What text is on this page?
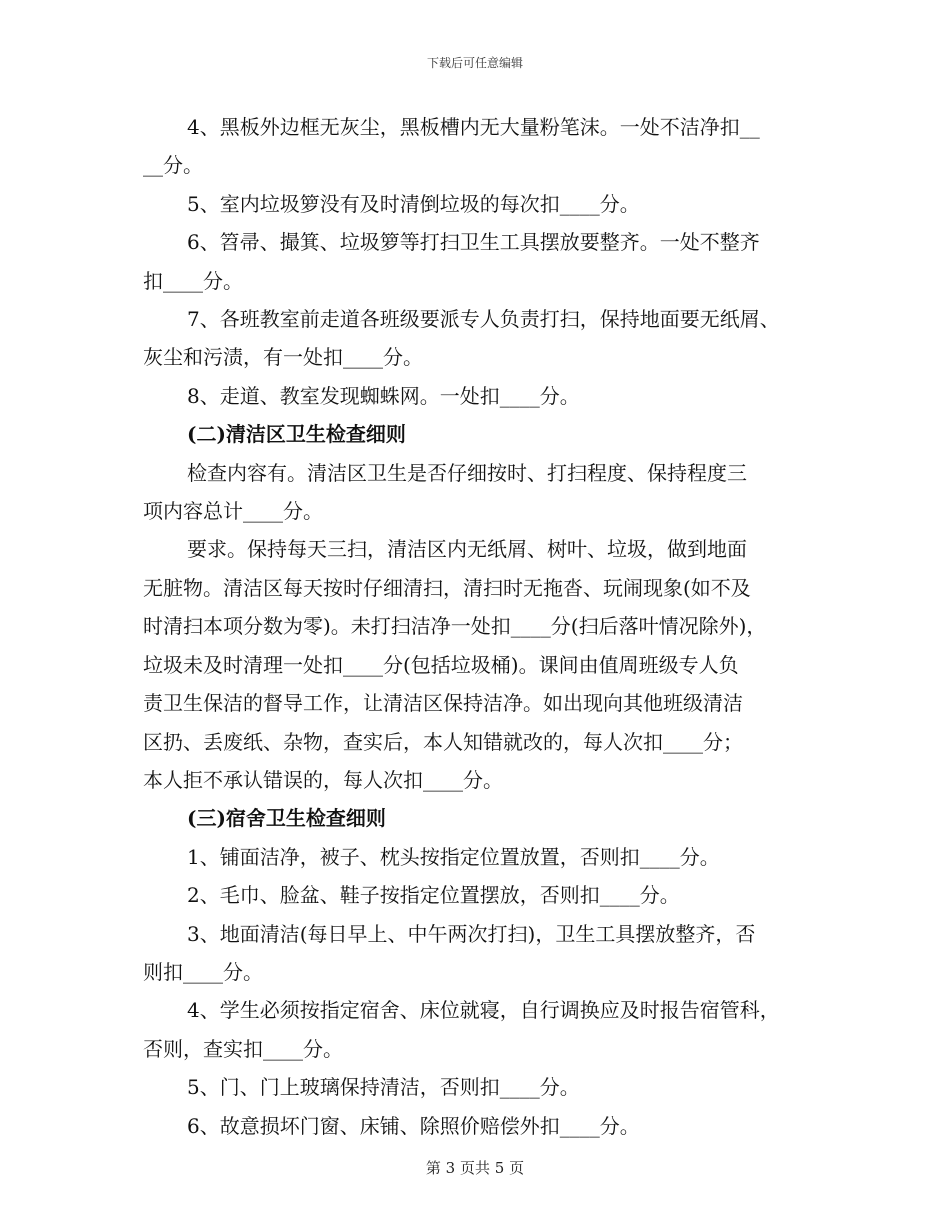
下载后可任意编辑
4、黑板外边框无灰尘，黑板槽内无大量粉笔沫。一处不洁净扣__
__分。
5、室内垃圾箩没有及时清倒垃圾的每次扣____分。
6、笤帚、撮箕、垃圾箩等打扫卫生工具摆放要整齐。一处不整齐
扣____分。
7、各班教室前走道各班级要派专人负责打扫，保持地面要无纸屑、
灰尘和污渍，有一处扣____分。
8、走道、教室发现蜘蛛网。一处扣____分。
(二)清洁区卫生检查细则
检查内容有。清洁区卫生是否仔细按时、打扫程度、保持程度三
项内容总计____分。
要求。保持每天三扫，清洁区内无纸屑、树叶、垃圾，做到地面
无脏物。清洁区每天按时仔细清扫，清扫时无拖沓、玩闹现象(如不及
时清扫本项分数为零)。未打扫洁净一处扣____分(扫后落叶情况除外)，
垃圾未及时清理一处扣____分(包括垃圾桶)。课间由值周班级专人负
责卫生保洁的督导工作，让清洁区保持洁净。如出现向其他班级清洁
区扔、丢废纸、杂物，查实后，本人知错就改的，每人次扣____分；
本人拒不承认错误的，每人次扣____分。
(三)宿舍卫生检查细则
1、铺面洁净，被子、枕头按指定位置放置，否则扣____分。
2、毛巾、脸盆、鞋子按指定位置摆放，否则扣____分。
3、地面清洁(每日早上、中午两次打扫)，卫生工具摆放整齐，否
则扣____分。
4、学生必须按指定宿舍、床位就寝，自行调换应及时报告宿管科，
否则，查实扣____分。
5、门、门上玻璃保持清洁，否则扣____分。
6、故意损坏门窗、床铺、除照价赔偿外扣____分。
第 3 页共 5 页
